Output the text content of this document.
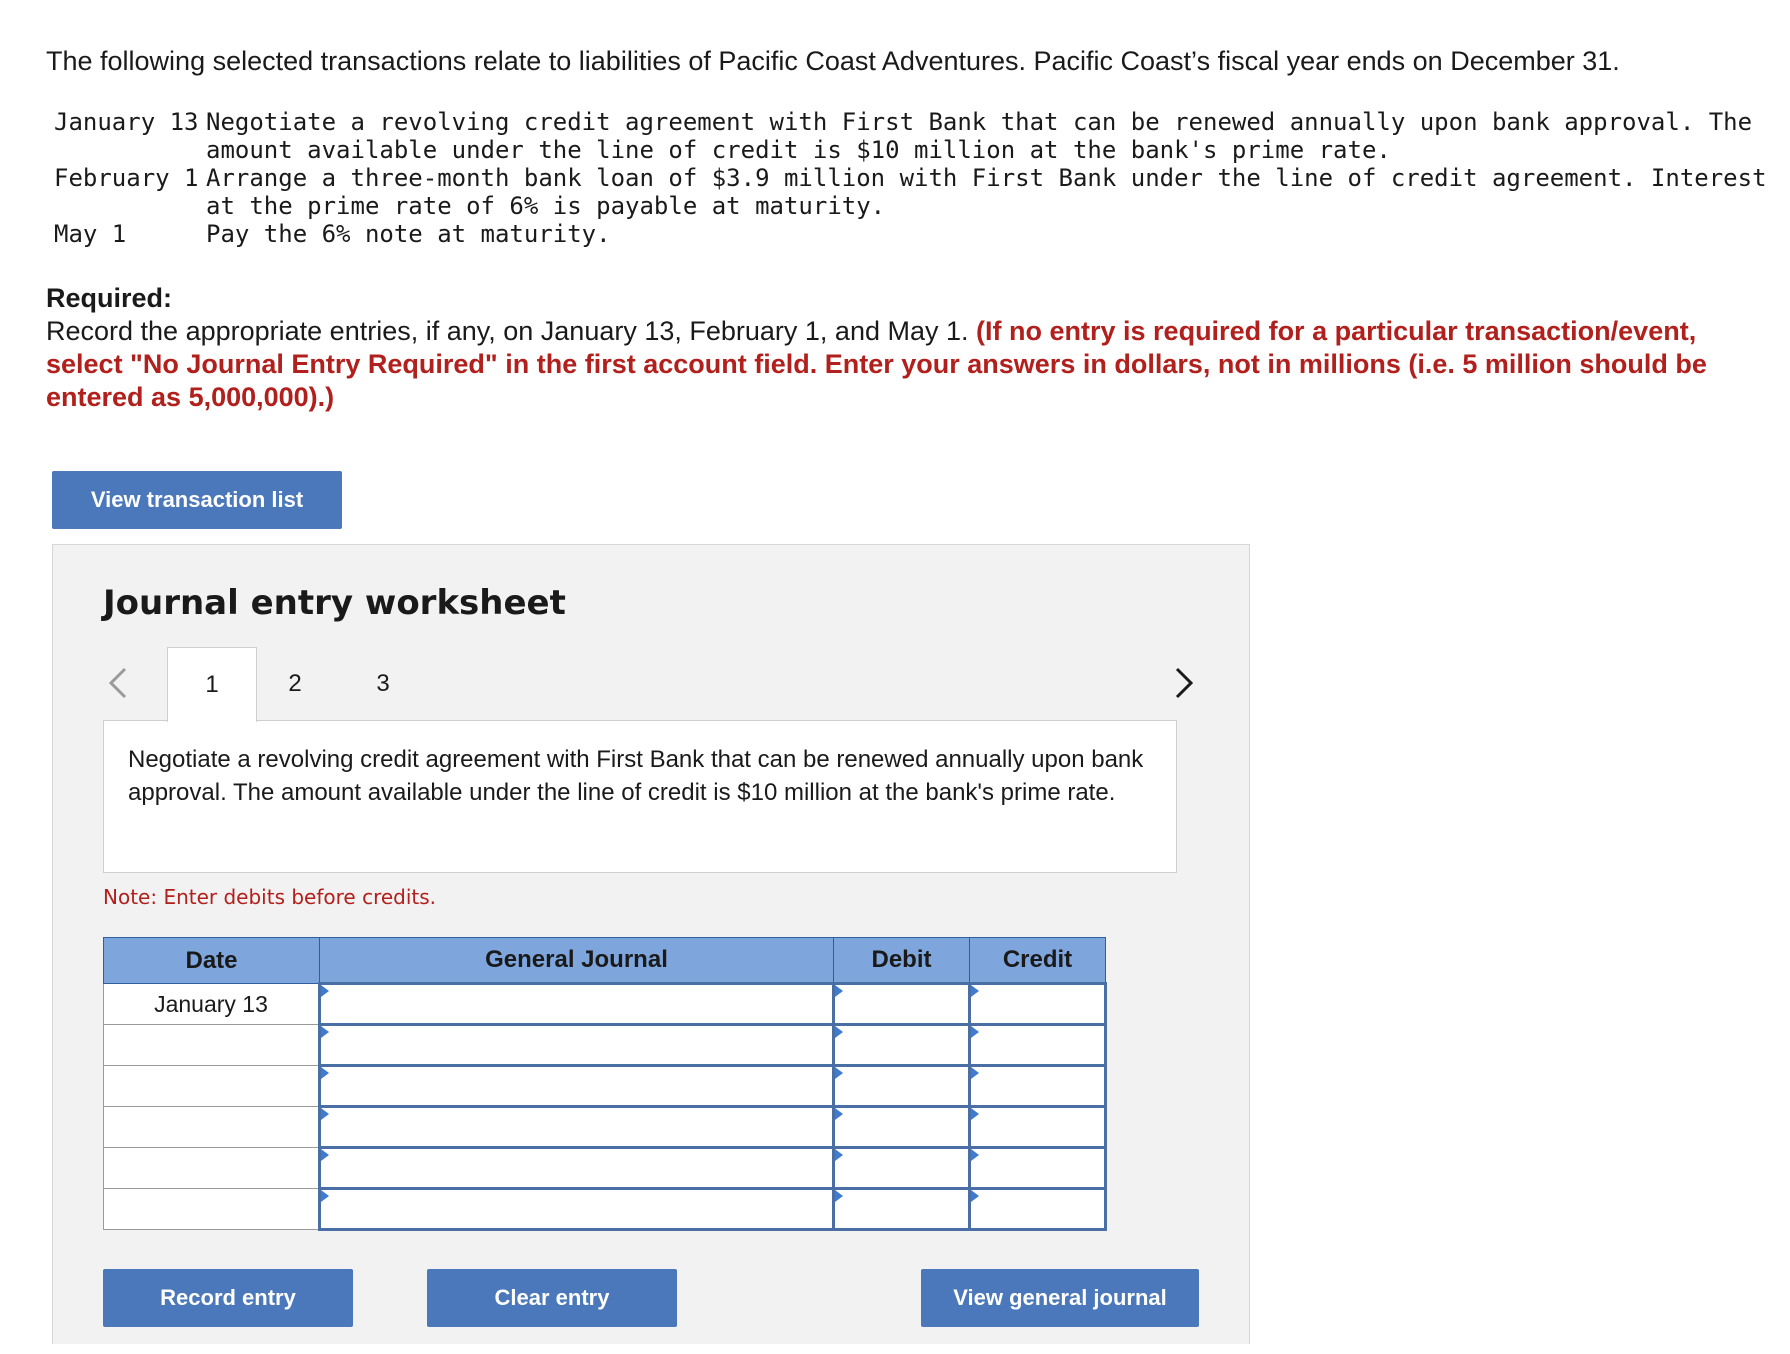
The following selected transactions relate to liabilities of Pacific Coast Adventures. Pacific Coast’s fiscal year ends on December 31.
January 13	Negotiate a revolving credit agreement with First Bank that can be renewed annually upon bank approval. The
amount available under the line of credit is $10 million at the bank's prime rate.

February 1	Arrange a three-month bank loan of $3.9 million with First Bank under the line of credit agreement. Interest
at the prime rate of 6% is payable at maturity.

May 1	Pay the 6% note at maturity.
Required:
Record the appropriate entries, if any, on January 13, February 1, and May 1. (If no entry is required for a particular transaction/event, select "No Journal Entry Required" in the first account field. Enter your answers in dollars, not in millions (i.e. 5 million should be entered as 5,000,000).)
View transaction list
Journal entry worksheet
1	2	3
Negotiate a revolving credit agreement with First Bank that can be renewed annually upon bank approval. The amount available under the line of credit is $10 million at the bank's prime rate.
Note: Enter debits before credits.
Date	General Journal	Debit	Credit
January 13			

Record entry	Clear entry	View general journal
